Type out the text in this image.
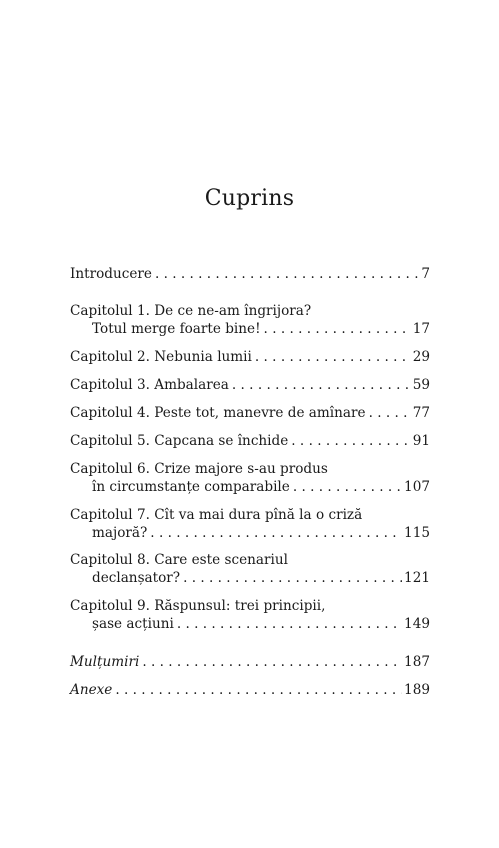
Cuprins
Introducere . . .	7
Capitolul 1. De ce ne-am îngrijora?
Totul merge foarte bine! . . .	17
Capitolul 2. Nebunia lumii . . .	29
Capitolul 3. Ambalarea . . .	59
Capitolul 4. Peste tot, manevre de amînare . . .	77
Capitolul 5. Capcana se închide . . .	91
Capitolul 6. Crize majore s-au produs
în circumstanțe comparabile . . .	107
Capitolul 7. Cît va mai dura pînă la o criză
majoră? . . .	115
Capitolul 8. Care este scenariul
declanșator? . . .	121
Capitolul 9. Răspunsul: trei principii,
șase acțiuni . . .	149
Mulțumiri . . .	187
Anexe . . .	189
